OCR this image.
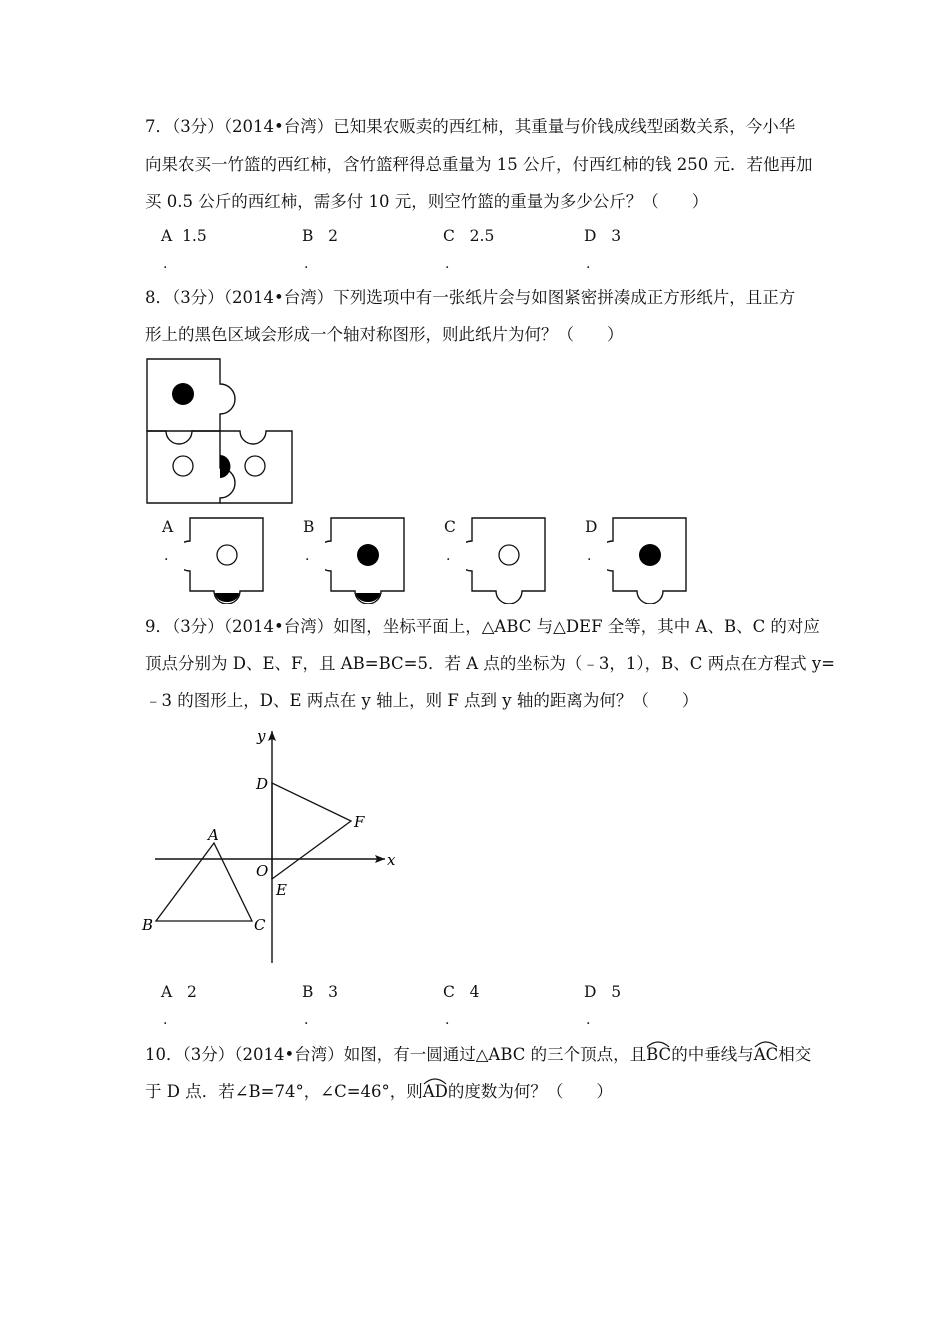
7．（3分）（2014•台湾）已知果农贩卖的西红柿，其重量与价钱成线型函数关系，今小华
向果农买一竹篮的西红柿，含竹篮秤得总重量为 15 公斤，付西红柿的钱 250 元．若他再加
买 0.5 公斤的西红柿，需多付 10 元，则空竹篮的重量为多少公斤？（　　）
A 1.5	B 2	C 2.5	D 3
.	.	.	.
8．（3分）（2014•台湾）下列选项中有一张纸片会与如图紧密拼凑成正方形纸片，且正方
形上的黑色区域会形成一个轴对称图形，则此纸片为何？（　　）
A	B	C	D
.	.	.	.
9．（3分）（2014•台湾）如图，坐标平面上，△ABC 与△DEF 全等，其中 A、B、C 的对应
顶点分别为 D、E、F，且 AB=BC=5．若 A 点的坐标为（﹣3，1），B、C 两点在方程式 y=
﹣3 的图形上，D、E 两点在 y 轴上，则 F 点到 y 轴的距离为何？（　　）
y
x
O
A
B	C
D
E
F
A 2	B 3	C 4	D 5
.	.	.	.
10．（3分）（2014•台湾）如图，有一圆通过△ABC 的三个顶点，且
BC的中垂线与
AC相交
于 D 点．若∠B=74°，∠C=46°，则
AD的度数为何？（　　）
